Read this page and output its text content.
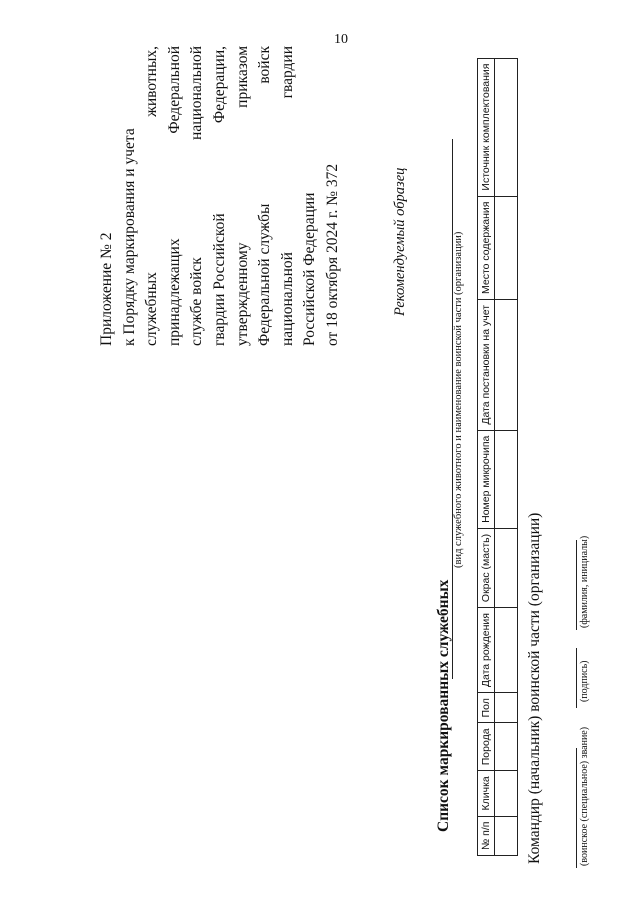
10
Приложение № 2 к Порядку маркирования и учета служебных
животных,
принадлежащих
Федеральной
службе войск
национальной
гвардии Российской
Федерации,
утвержденному
приказом
Федеральной службы
войск
национальной
гвардии
Российской Федерации от 18 октября 2024 г. № 372	Рекомендуемый образец
Список маркированных служебных
(вид служебного животного и наименование воинской части (организации)
№ п/п	Кличка	Порода	Пол	Дата рождения	Окрас (масть)	Номер микрочипа	Дата постановки на учет	Место содержания	Источник комплектования

Командир (начальник) воинской части (организации)	(воинское (специальное) звание)
(подпись)
(фамилия, инициалы)
